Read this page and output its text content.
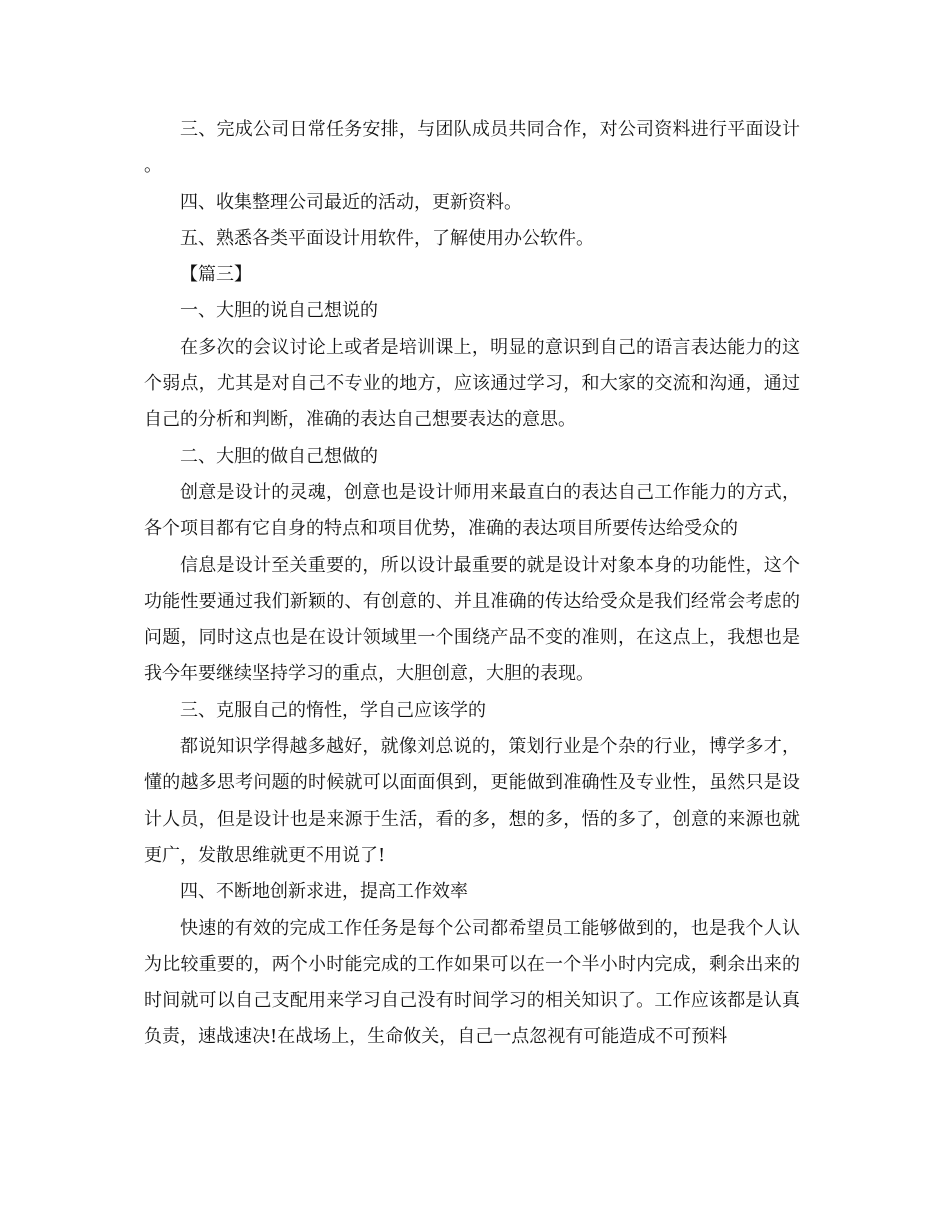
三、完成公司日常任务安排，与团队成员共同合作，对公司资料进行平面设计。

四、收集整理公司最近的活动，更新资料。

五、熟悉各类平面设计用软件，了解使用办公软件。

【篇三】

一、大胆的说自己想说的

在多次的会议讨论上或者是培训课上，明显的意识到自己的语言表达能力的这个弱点，尤其是对自己不专业的地方，应该通过学习，和大家的交流和沟通，通过自己的分析和判断，准确的表达自己想要表达的意思。

二、大胆的做自己想做的

创意是设计的灵魂，创意也是设计师用来最直白的表达自己工作能力的方式，各个项目都有它自身的特点和项目优势，准确的表达项目所要传达给受众的

信息是设计至关重要的，所以设计最重要的就是设计对象本身的功能性，这个功能性要通过我们新颖的、有创意的、并且准确的传达给受众是我们经常会考虑的问题，同时这点也是在设计领域里一个围绕产品不变的准则，在这点上，我想也是我今年要继续坚持学习的重点，大胆创意，大胆的表现。

三、克服自己的惰性，学自己应该学的

都说知识学得越多越好，就像刘总说的，策划行业是个杂的行业，博学多才，懂的越多思考问题的时候就可以面面俱到，更能做到准确性及专业性，虽然只是设计人员，但是设计也是来源于生活，看的多，想的多，悟的多了，创意的来源也就更广，发散思维就更不用说了!

四、不断地创新求进，提高工作效率

快速的有效的完成工作任务是每个公司都希望员工能够做到的，也是我个人认为比较重要的，两个小时能完成的工作如果可以在一个半小时内完成，剩余出来的时间就可以自己支配用来学习自己没有时间学习的相关知识了。工作应该都是认真负责，速战速决!在战场上，生命攸关，自己一点忽视有可能造成不可预料
